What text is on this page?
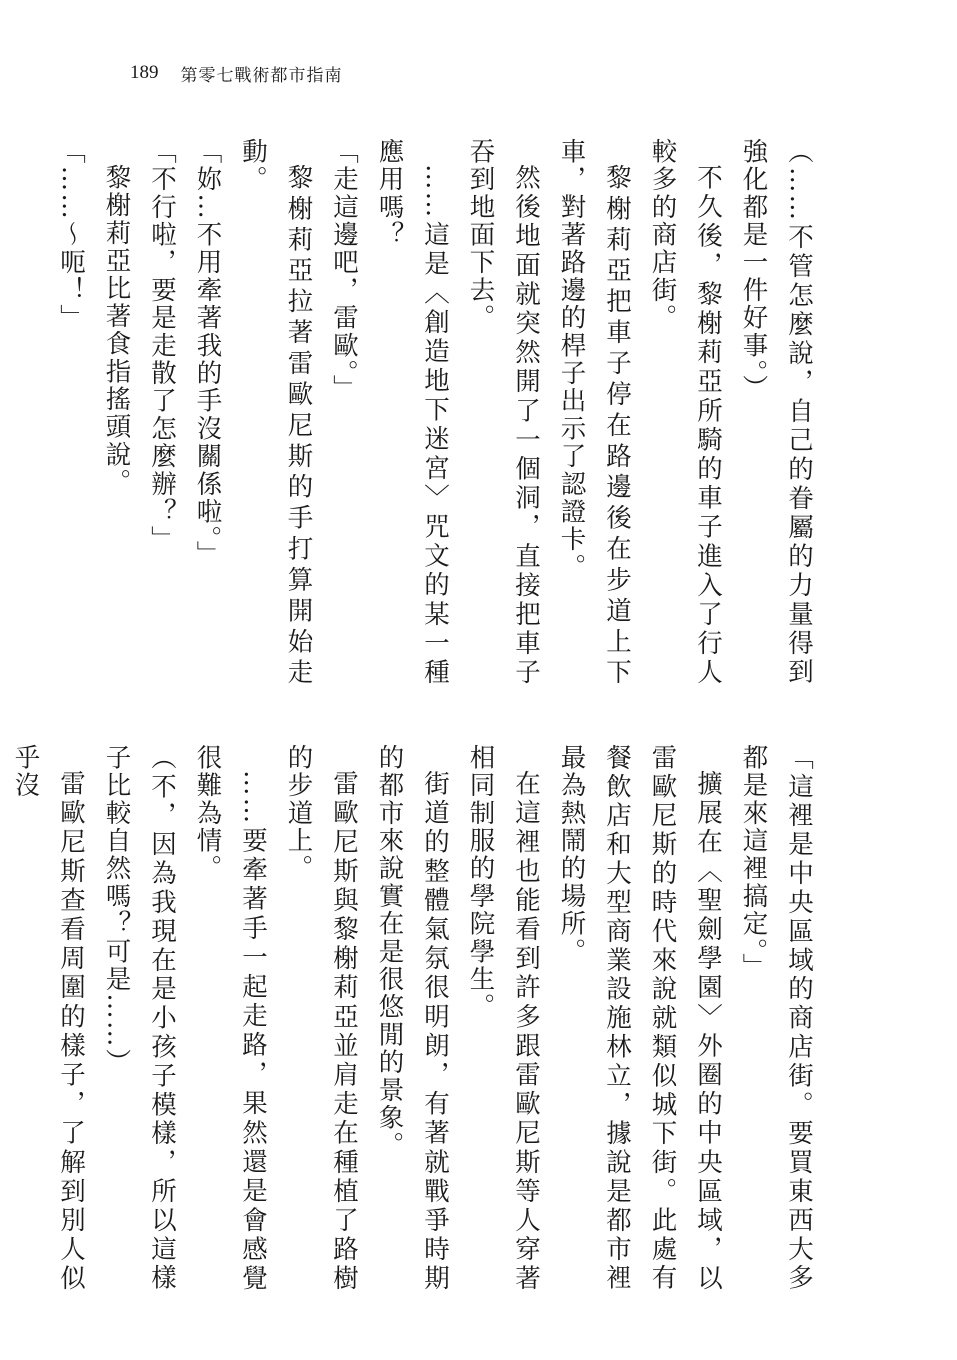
189 第零七戰術都市指南

（……不管怎麼說，自己的眷屬的力量得到強化都是一件好事。）

不久後，黎榭莉亞所騎的車子進入了行人較多的商店街。

黎榭莉亞把車子停在路邊後在步道上下車，對著路邊的桿子出示了認證卡。

然後地面就突然開了一個洞，直接把車子吞到地面下去。

……這是〈創造地下迷宮〉咒文的某一種應用嗎？

「走這邊吧，雷歐。」

黎榭莉亞拉著雷歐尼斯的手打算開始走動。

「妳…不用牽著我的手沒關係啦。」

「不行啦，要是走散了怎麼辦？」

黎榭莉亞比著食指搖頭說。

「……～呃！」

「這裡是中央區域的商店街。要買東西大多都是來這裡搞定。」

擴展在〈聖劍學園〉外圈的中央區域，以雷歐尼斯的時代來說就類似城下街。此處有餐飲店和大型商業設施林立，據說是都市裡最為熱鬧的場所。

在這裡也能看到許多跟雷歐尼斯等人穿著相同制服的學院學生。

街道的整體氣氛很明朗，有著就戰爭時期的都市來說實在是很悠閒的景象。

雷歐尼斯與黎榭莉亞並肩走在種植了路樹的步道上。

……要牽著手一起走路，果然還是會感覺很難為情。

（不，因為我現在是小孩子模樣，所以這樣子比較自然嗎？可是……）

雷歐尼斯查看周圍的樣子，了解到別人似乎沒
